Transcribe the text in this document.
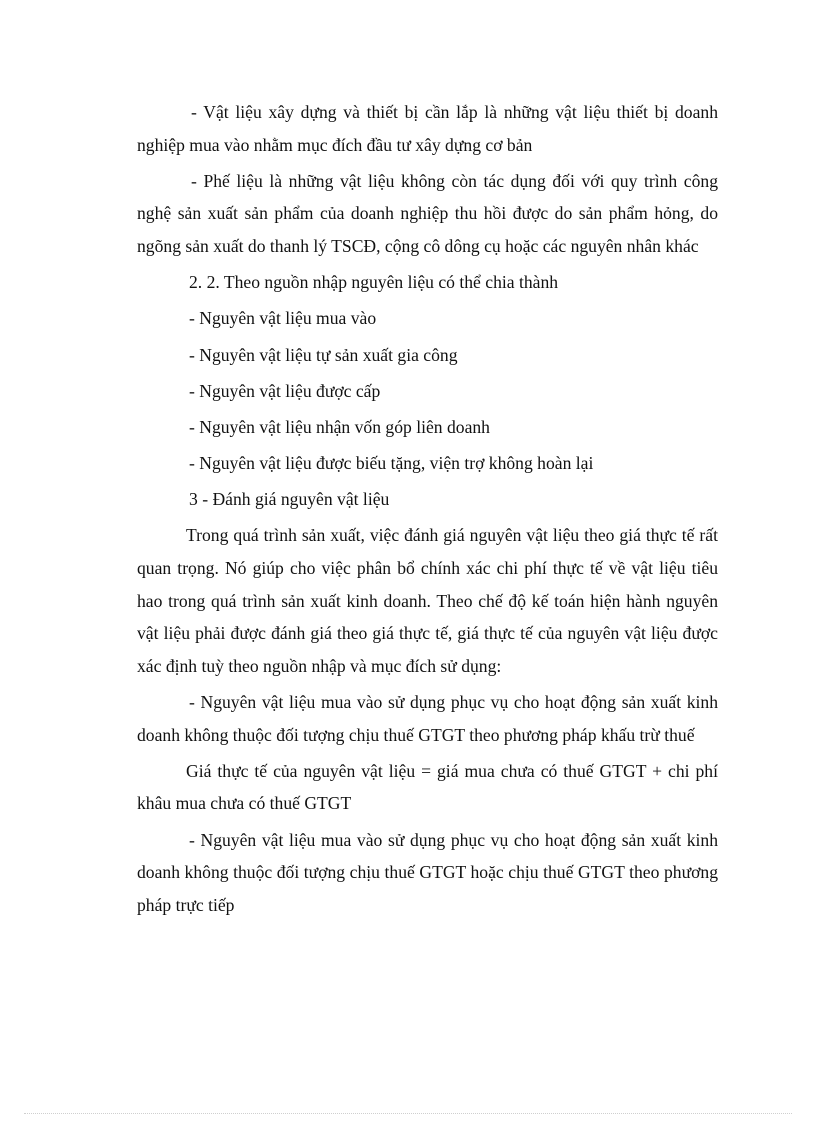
- Vật liệu xây dựng và thiết bị cần lắp là những vật liệu thiết bị doanh nghiệp mua vào nhằm mục đích đầu tư xây dựng cơ bản

- Phế liệu là những vật liệu không còn tác dụng đối với quy trình công nghệ sản xuất sản phẩm của doanh nghiệp thu hồi được do sản phẩm hỏng, do ngõng sản xuất do thanh lý TSCĐ, cộng cô dông cụ hoặc các nguyên nhân khác

2. 2. Theo nguồn nhập nguyên liệu có thể chia thành

- Nguyên vật liệu mua vào

- Nguyên vật liệu tự sản xuất gia công

- Nguyên vật liệu được cấp

- Nguyên vật liệu nhận vốn góp liên doanh

- Nguyên vật liệu được biếu tặng, viện trợ không hoàn lại

3 - Đánh giá nguyên vật liệu

Trong quá trình sản xuất, việc đánh giá nguyên vật liệu theo giá thực tế rất quan trọng. Nó giúp cho việc phân bổ chính xác chi phí thực tế về vật liệu tiêu hao trong quá trình sản xuất kinh doanh. Theo chế độ kế toán hiện hành nguyên vật liệu phải được đánh giá theo giá thực tế, giá thực tế của nguyên vật liệu được xác định tuỳ theo nguồn nhập và mục đích sử dụng:

- Nguyên vật liệu mua vào sử dụng phục vụ cho hoạt động sản xuất kinh doanh không thuộc đối tượng chịu thuế GTGT theo phương pháp khấu trừ thuế

Giá thực tế của nguyên vật liệu = giá mua chưa có thuế GTGT + chi phí khâu mua chưa có thuế GTGT

- Nguyên vật liệu mua vào sử dụng phục vụ cho hoạt động sản xuất kinh doanh không thuộc đối tượng chịu thuế GTGT hoặc chịu thuế GTGT theo phương pháp trực tiếp
